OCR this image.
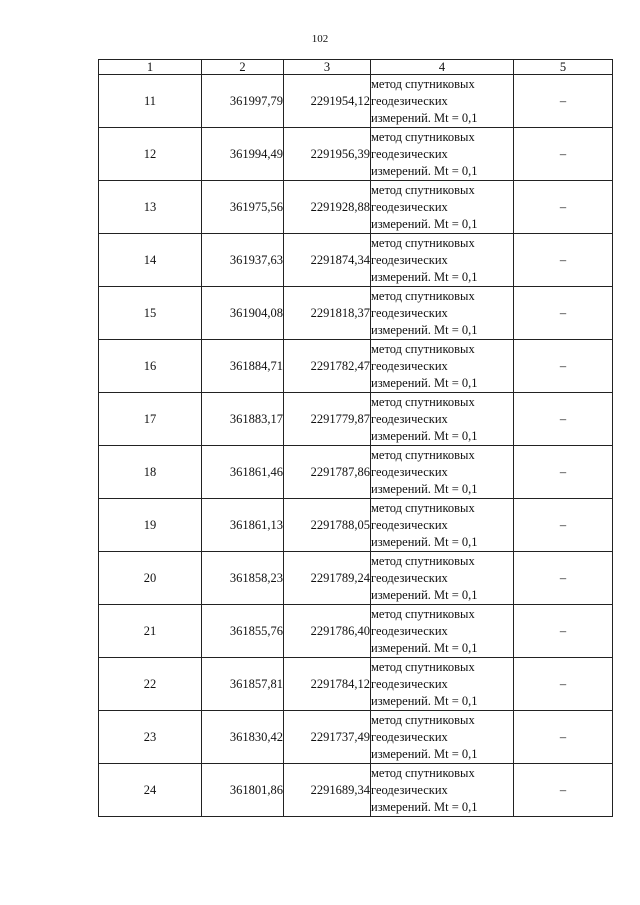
102
1	2	3	4	5
11	361997,79	2291954,12	метод спутниковых
геодезических
измерений. Mt = 0,1	–
12	361994,49	2291956,39	метод спутниковых
геодезических
измерений. Mt = 0,1	–
13	361975,56	2291928,88	метод спутниковых
геодезических
измерений. Mt = 0,1	–
14	361937,63	2291874,34	метод спутниковых
геодезических
измерений. Mt = 0,1	–
15	361904,08	2291818,37	метод спутниковых
геодезических
измерений. Mt = 0,1	–
16	361884,71	2291782,47	метод спутниковых
геодезических
измерений. Mt = 0,1	–
17	361883,17	2291779,87	метод спутниковых
геодезических
измерений. Mt = 0,1	–
18	361861,46	2291787,86	метод спутниковых
геодезических
измерений. Mt = 0,1	–
19	361861,13	2291788,05	метод спутниковых
геодезических
измерений. Mt = 0,1	–
20	361858,23	2291789,24	метод спутниковых
геодезических
измерений. Mt = 0,1	–
21	361855,76	2291786,40	метод спутниковых
геодезических
измерений. Mt = 0,1	–
22	361857,81	2291784,12	метод спутниковых
геодезических
измерений. Mt = 0,1	–
23	361830,42	2291737,49	метод спутниковых
геодезических
измерений. Mt = 0,1	–
24	361801,86	2291689,34	метод спутниковых
геодезических
измерений. Mt = 0,1	–
